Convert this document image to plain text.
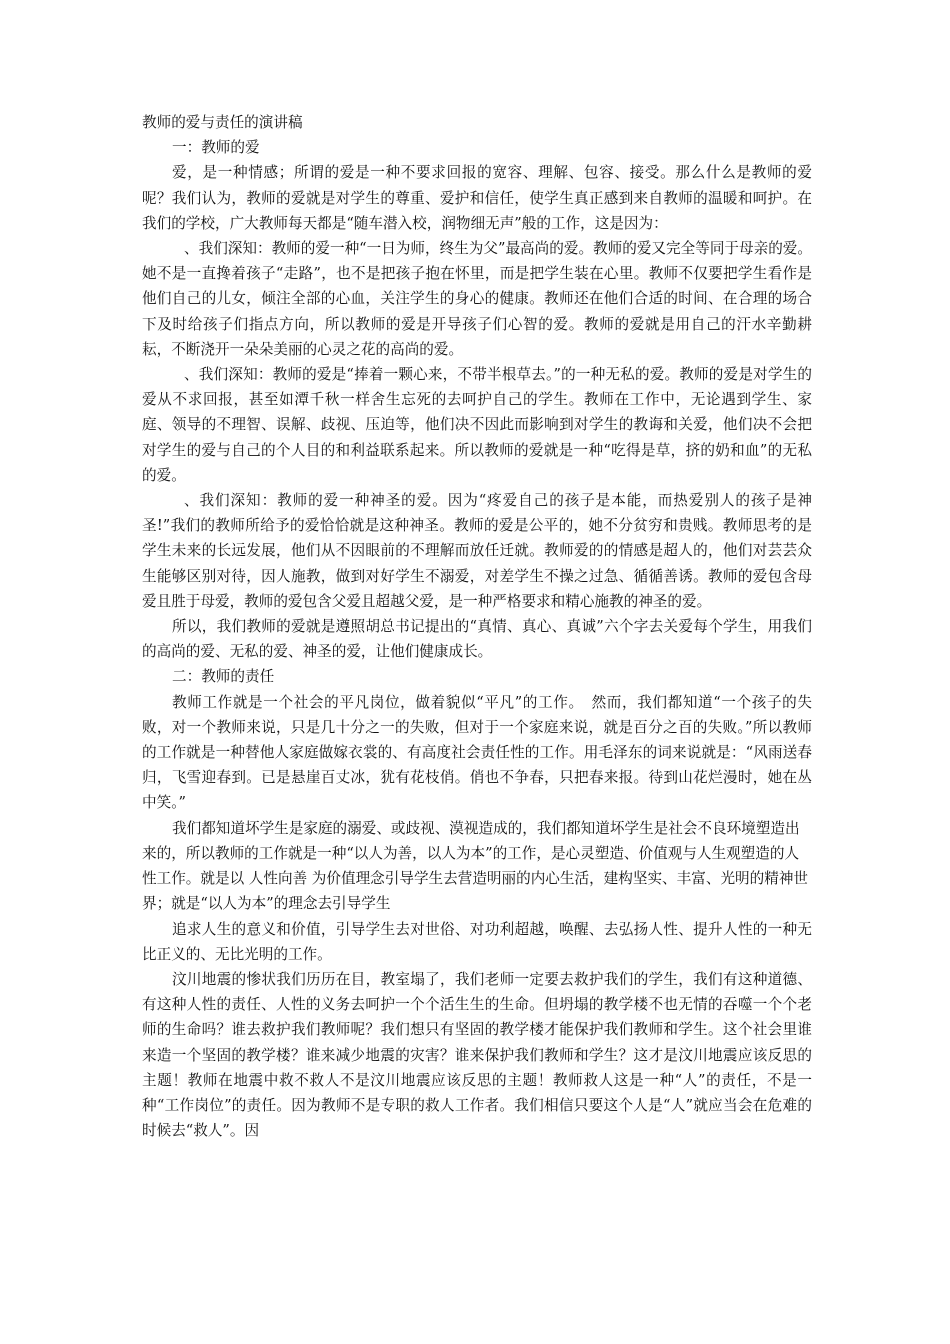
教师的爱与责任的演讲稿

一：教师的爱

爱，是一种情感；所谓的爱是一种不要求回报的宽容、理解、包容、接受。那么什么是教师的爱呢？我们认为，教师的爱就是对学生的尊重、爱护和信任，使学生真正感到来自教师的温暖和呵护。在我们的学校，广大教师每天都是“随车潜入校，润物细无声”般的工作，这是因为：

、我们深知：教师的爱一种“一日为师，终生为父”最高尚的爱。教师的爱又完全等同于母亲的爱。她不是一直搀着孩子“走路”，也不是把孩子抱在怀里，而是把学生装在心里。教师不仅要把学生看作是他们自己的儿女，倾注全部的心血，关注学生的身心的健康。教师还在他们合适的时间、在合理的场合下及时给孩子们指点方向，所以教师的爱是开导孩子们心智的爱。教师的爱就是用自己的汗水辛勤耕耘，不断浇开一朵朵美丽的心灵之花的高尚的爱。

、我们深知：教师的爱是“捧着一颗心来，不带半根草去。”的一种无私的爱。教师的爱是对学生的爱从不求回报，甚至如潭千秋一样舍生忘死的去呵护自己的学生。教师在工作中，无论遇到学生、家庭、领导的不理智、误解、歧视、压迫等，他们决不因此而影响到对学生的教诲和关爱，他们决不会把对学生的爱与自己的个人目的和利益联系起来。所以教师的爱就是一种“吃得是草，挤的奶和血”的无私的爱。

、我们深知：教师的爱一种神圣的爱。因为“疼爱自己的孩子是本能，而热爱别人的孩子是神圣!”我们的教师所给予的爱恰恰就是这种神圣。教师的爱是公平的，她不分贫穷和贵贱。教师思考的是学生未来的长远发展，他们从不因眼前的不理解而放任迁就。教师爱的的情感是超人的，他们对芸芸众生能够区别对待，因人施教，做到对好学生不溺爱，对差学生不操之过急、循循善诱。教师的爱包含母爱且胜于母爱，教师的爱包含父爱且超越父爱，是一种严格要求和精心施教的神圣的爱。

所以，我们教师的爱就是遵照胡总书记提出的“真情、真心、真诚”六个字去关爱每个学生，用我们的高尚的爱、无私的爱、神圣的爱，让他们健康成长。

二：教师的责任

教师工作就是一个社会的平凡岗位，做着貌似“平凡”的工作。　然而，我们都知道“一个孩子的失败，对一个教师来说，只是几十分之一的失败，但对于一个家庭来说，就是百分之百的失败。”所以教师的工作就是一种替他人家庭做嫁衣裳的、有高度社会责任性的工作。用毛泽东的词来说就是：“风雨送春归，飞雪迎春到。已是悬崖百丈冰，犹有花枝俏。俏也不争春，只把春来报。待到山花烂漫时，她在丛中笑。”

我们都知道坏学生是家庭的溺爱、或歧视、漠视造成的，我们都知道坏学生是社会不良环境塑造出来的，所以教师的工作就是一种“以人为善，以人为本”的工作，是心灵塑造、价值观与人生观塑造的人性工作。就是以 人性向善 为价值理念引导学生去营造明丽的内心生活，建构坚实、丰富、光明的精神世界；就是“以人为本”的理念去引导学生

追求人生的意义和价值，引导学生去对世俗、对功利超越，唤醒、去弘扬人性、提升人性的一种无比正义的、无比光明的工作。

汶川地震的惨状我们历历在目，教室塌了，我们老师一定要去救护我们的学生，我们有这种道德、有这种人性的责任、人性的义务去呵护一个个活生生的生命。但坍塌的教学楼不也无情的吞噬一个个老师的生命吗？谁去救护我们教师呢？我们想只有坚固的教学楼才能保护我们教师和学生。这个社会里谁来造一个坚固的教学楼？谁来减少地震的灾害？谁来保护我们教师和学生？这才是汶川地震应该反思的主题！教师在地震中救不救人不是汶川地震应该反思的主题！教师救人这是一种“人”的责任，不是一种“工作岗位”的责任。因为教师不是专职的救人工作者。我们相信只要这个人是“人”就应当会在危难的时候去“救人”。因
